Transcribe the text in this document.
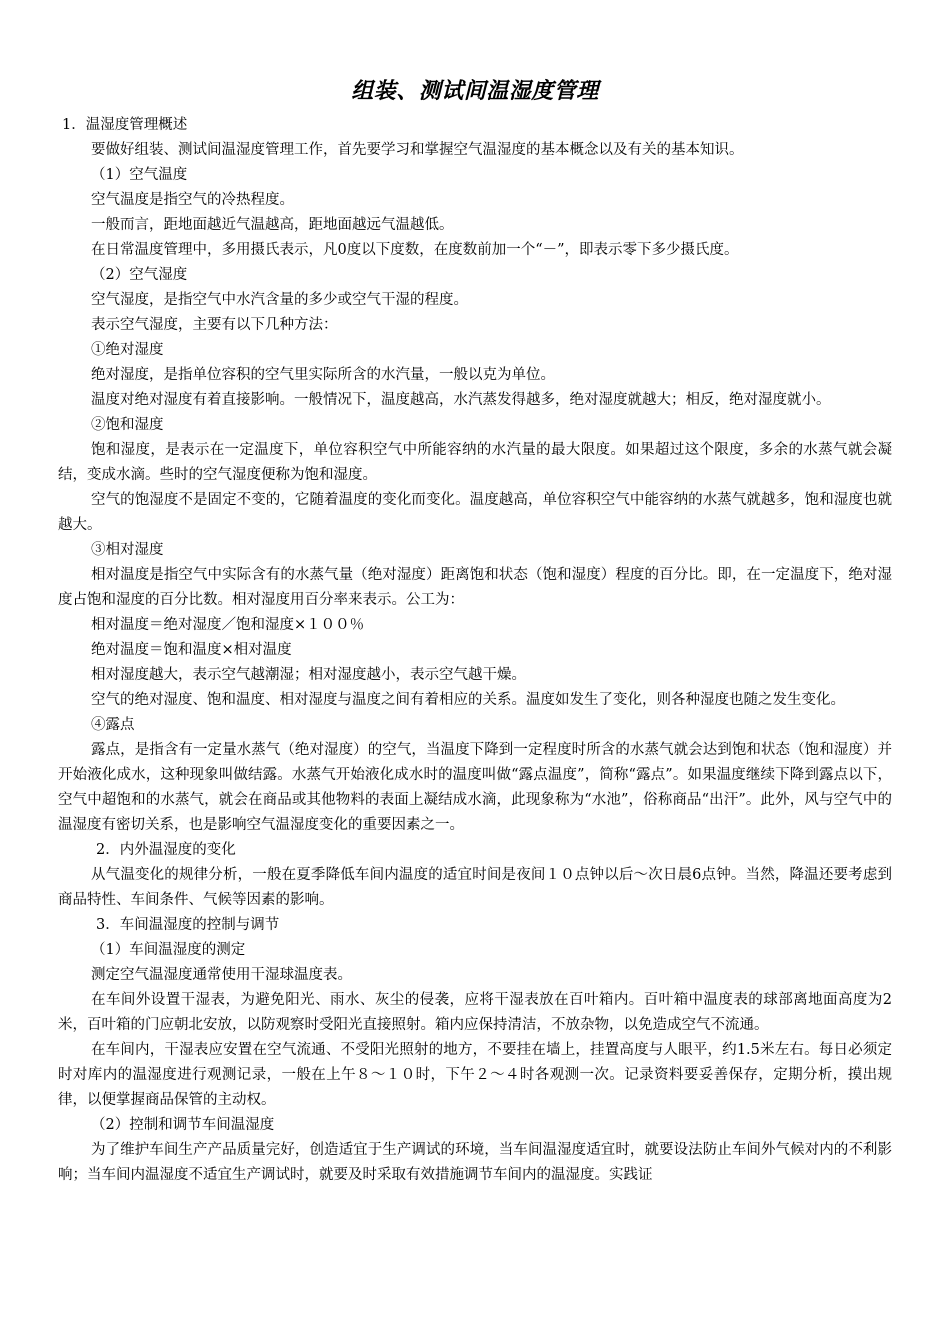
组装、测试间温湿度管理

1．温湿度管理概述

要做好组装、测试间温湿度管理工作，首先要学习和掌握空气温湿度的基本概念以及有关的基本知识。

（1）空气温度

空气温度是指空气的冷热程度。

一般而言，距地面越近气温越高，距地面越远气温越低。

在日常温度管理中，多用摄氏表示，凡0度以下度数，在度数前加一个“－”，即表示零下多少摄氏度。

（2）空气湿度

空气湿度，是指空气中水汽含量的多少或空气干湿的程度。

表示空气湿度，主要有以下几种方法：

①绝对湿度

绝对湿度，是指单位容积的空气里实际所含的水汽量，一般以克为单位。

温度对绝对湿度有着直接影响。一般情况下，温度越高，水汽蒸发得越多，绝对湿度就越大；相反，绝对湿度就小。

②饱和湿度

饱和湿度，是表示在一定温度下，单位容积空气中所能容纳的水汽量的最大限度。如果超过这个限度，多余的水蒸气就会凝结，变成水滴。些时的空气湿度便称为饱和湿度。

空气的饱湿度不是固定不变的，它随着温度的变化而变化。温度越高，单位容积空气中能容纳的水蒸气就越多，饱和湿度也就越大。

③相对湿度

相对温度是指空气中实际含有的水蒸气量（绝对湿度）距离饱和状态（饱和湿度）程度的百分比。即，在一定温度下，绝对湿度占饱和湿度的百分比数。相对湿度用百分率来表示。公工为：

相对温度＝绝对湿度／饱和湿度×１００％

绝对温度＝饱和温度×相对温度

相对湿度越大，表示空气越潮湿；相对湿度越小，表示空气越干燥。

空气的绝对湿度、饱和温度、相对湿度与温度之间有着相应的关系。温度如发生了变化，则各种湿度也随之发生变化。

④露点

露点，是指含有一定量水蒸气（绝对湿度）的空气，当温度下降到一定程度时所含的水蒸气就会达到饱和状态（饱和湿度）并开始液化成水，这种现象叫做结露。水蒸气开始液化成水时的温度叫做“露点温度”，简称“露点”。如果温度继续下降到露点以下，空气中超饱和的水蒸气，就会在商品或其他物料的表面上凝结成水滴，此现象称为“水池”，俗称商品“出汗”。此外，风与空气中的温湿度有密切关系，也是影响空气温湿度变化的重要因素之一。

2．内外温湿度的变化

从气温变化的规律分析，一般在夏季降低车间内温度的适宜时间是夜间１０点钟以后～次日晨6点钟。当然，降温还要考虑到商品特性、车间条件、气候等因素的影响。

3．车间温湿度的控制与调节

（1）车间温湿度的测定

测定空气温湿度通常使用干湿球温度表。

在车间外设置干湿表，为避免阳光、雨水、灰尘的侵袭，应将干湿表放在百叶箱内。百叶箱中温度表的球部离地面高度为2米，百叶箱的门应朝北安放，以防观察时受阳光直接照射。箱内应保持清洁，不放杂物，以免造成空气不流通。

在车间内，干湿表应安置在空气流通、不受阳光照射的地方，不要挂在墙上，挂置高度与人眼平，约1.5米左右。每日必须定时对库内的温湿度进行观测记录，一般在上午８～１０时，下午２～４时各观测一次。记录资料要妥善保存，定期分析，摸出规律，以便掌握商品保管的主动权。

（2）控制和调节车间温湿度

为了维护车间生产产品质量完好，创造适宜于生产调试的环境，当车间温湿度适宜时，就要设法防止车间外气候对内的不利影响；当车间内温湿度不适宜生产调试时，就要及时采取有效措施调节车间内的温湿度。实践证
